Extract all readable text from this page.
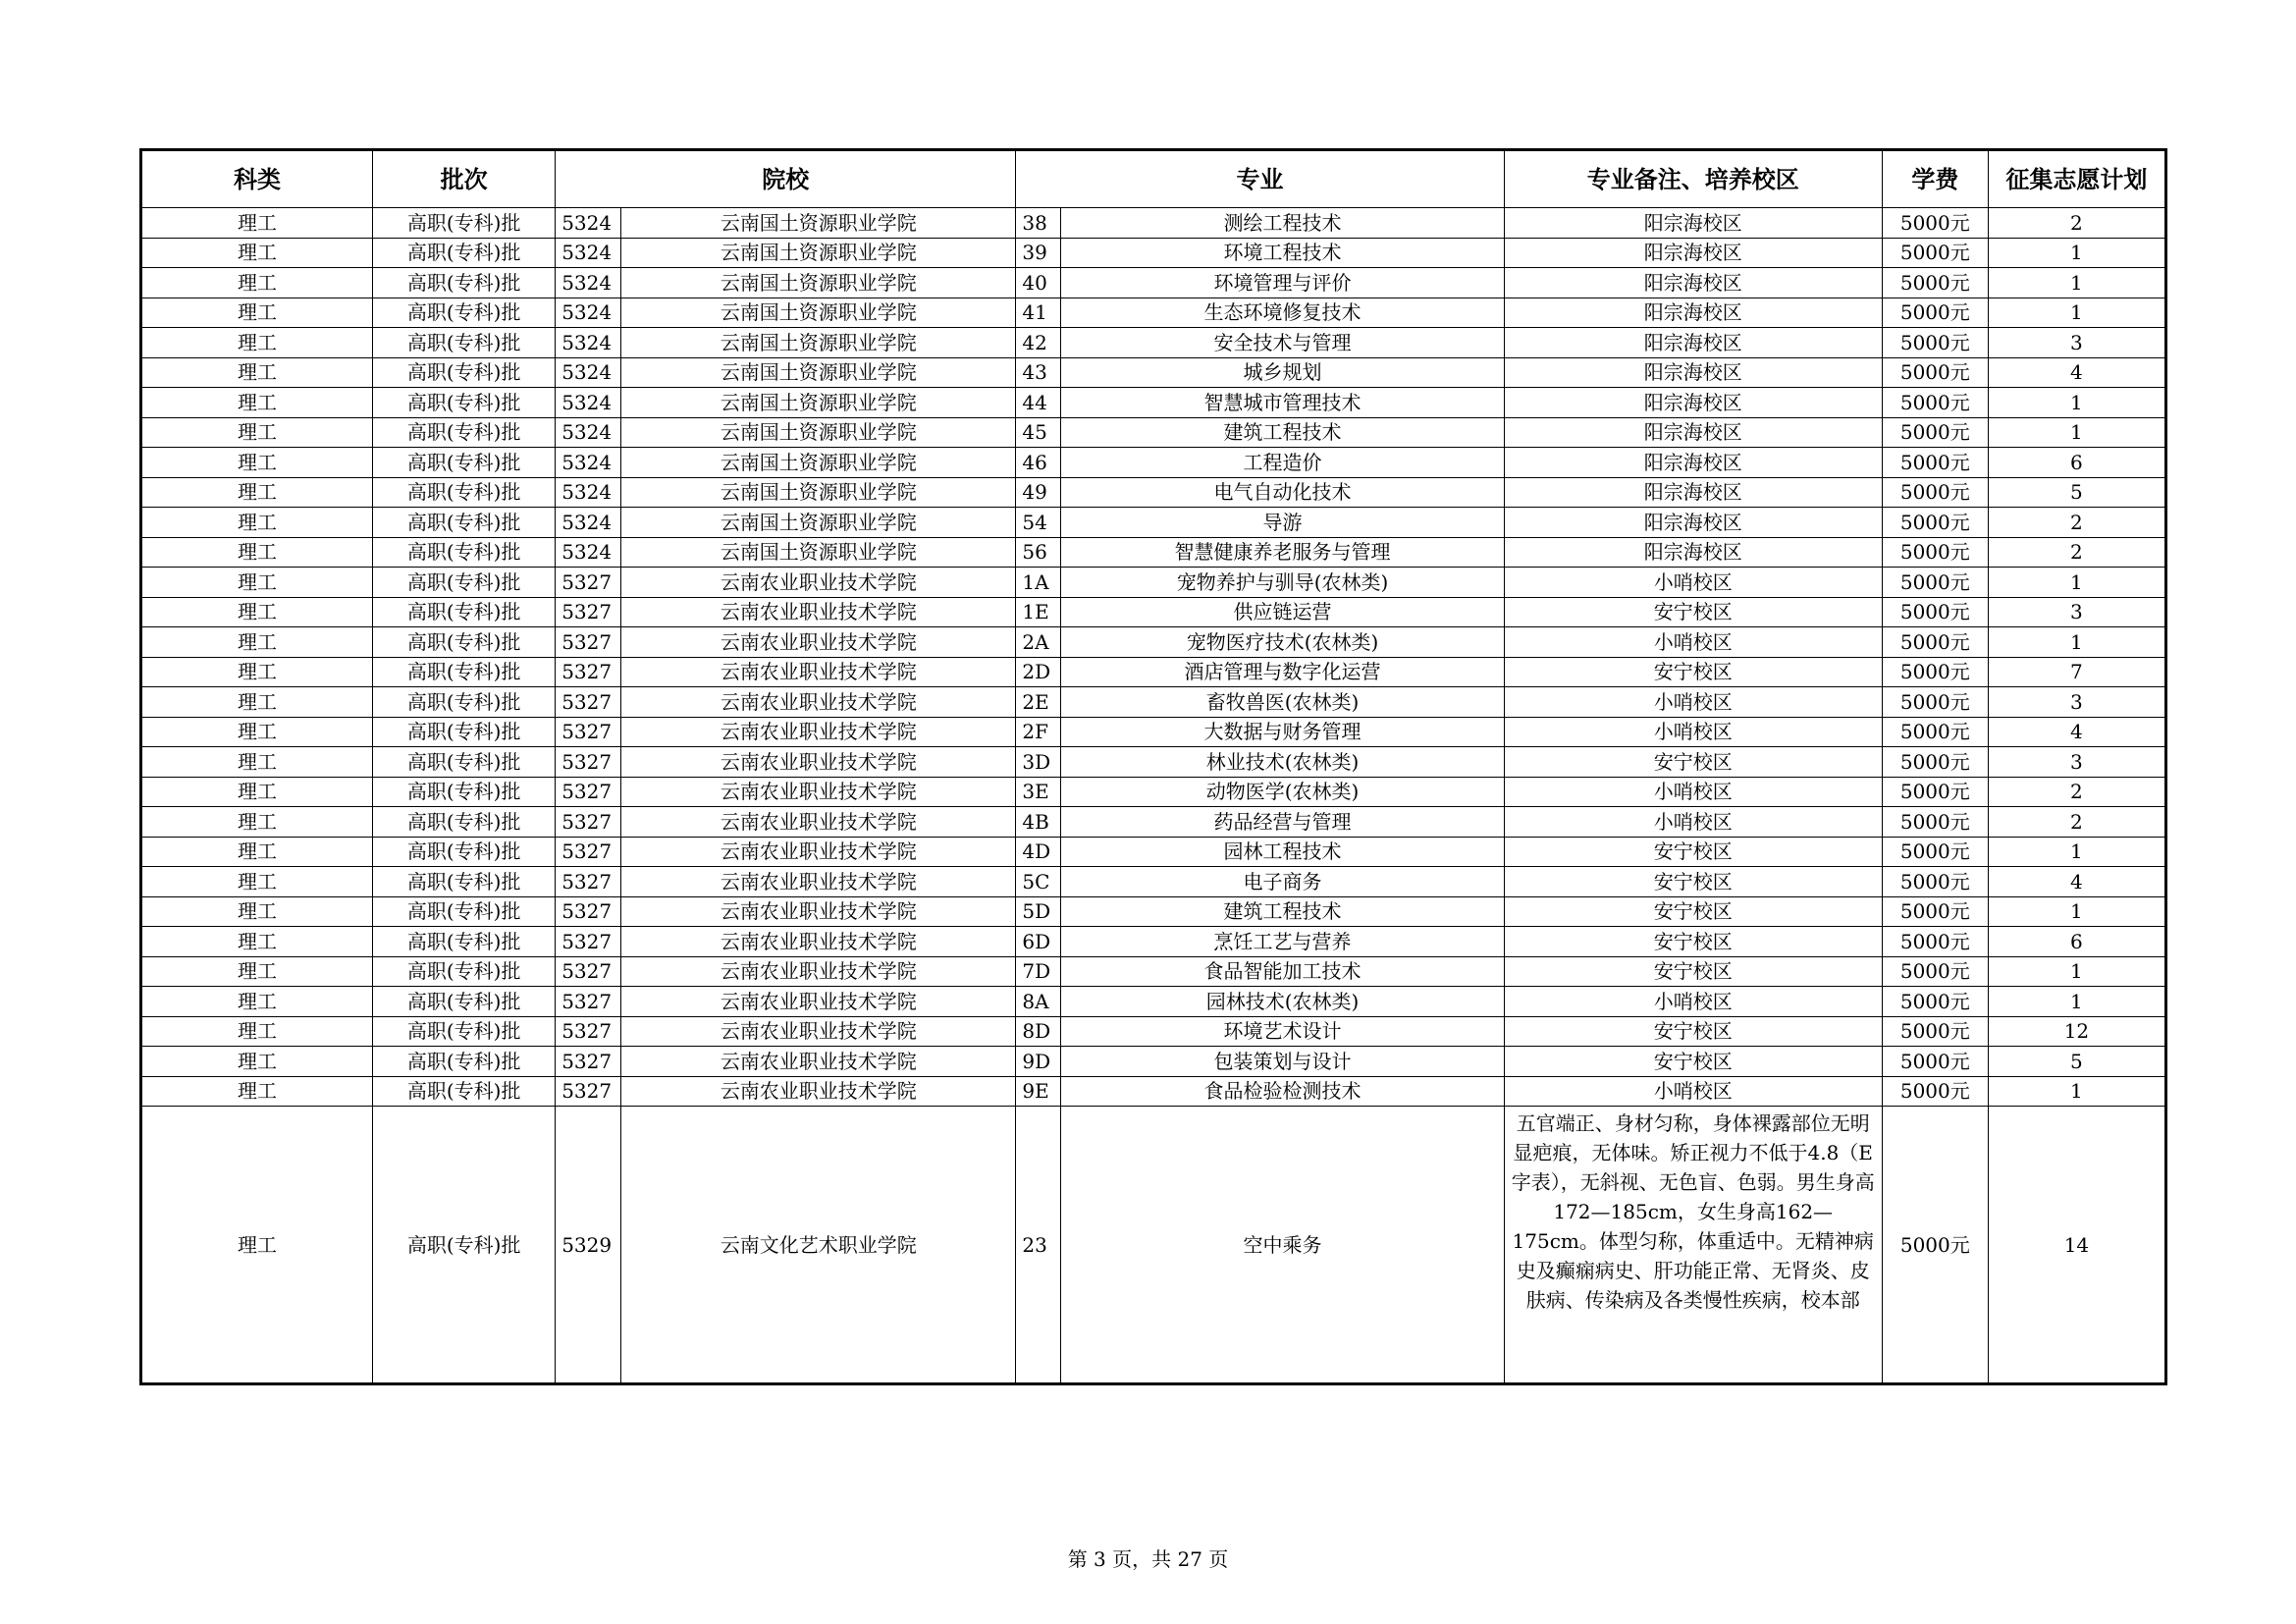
科类	批次	院校		专业		专业备注、培养校区	学费	征集志愿计划
理工	高职(专科)批	5324	云南国土资源职业学院	38	测绘工程技术	阳宗海校区	5000元	2
理工	高职(专科)批	5324	云南国土资源职业学院	39	环境工程技术	阳宗海校区	5000元	1
理工	高职(专科)批	5324	云南国土资源职业学院	40	环境管理与评价	阳宗海校区	5000元	1
理工	高职(专科)批	5324	云南国土资源职业学院	41	生态环境修复技术	阳宗海校区	5000元	1
理工	高职(专科)批	5324	云南国土资源职业学院	42	安全技术与管理	阳宗海校区	5000元	3
理工	高职(专科)批	5324	云南国土资源职业学院	43	城乡规划	阳宗海校区	5000元	4
理工	高职(专科)批	5324	云南国土资源职业学院	44	智慧城市管理技术	阳宗海校区	5000元	1
理工	高职(专科)批	5324	云南国土资源职业学院	45	建筑工程技术	阳宗海校区	5000元	1
理工	高职(专科)批	5324	云南国土资源职业学院	46	工程造价	阳宗海校区	5000元	6
理工	高职(专科)批	5324	云南国土资源职业学院	49	电气自动化技术	阳宗海校区	5000元	5
理工	高职(专科)批	5324	云南国土资源职业学院	54	导游	阳宗海校区	5000元	2
理工	高职(专科)批	5324	云南国土资源职业学院	56	智慧健康养老服务与管理	阳宗海校区	5000元	2
理工	高职(专科)批	5327	云南农业职业技术学院	1A	宠物养护与驯导(农林类)	小哨校区	5000元	1
理工	高职(专科)批	5327	云南农业职业技术学院	1E	供应链运营	安宁校区	5000元	3
理工	高职(专科)批	5327	云南农业职业技术学院	2A	宠物医疗技术(农林类)	小哨校区	5000元	1
理工	高职(专科)批	5327	云南农业职业技术学院	2D	酒店管理与数字化运营	安宁校区	5000元	7
理工	高职(专科)批	5327	云南农业职业技术学院	2E	畜牧兽医(农林类)	小哨校区	5000元	3
理工	高职(专科)批	5327	云南农业职业技术学院	2F	大数据与财务管理	小哨校区	5000元	4
理工	高职(专科)批	5327	云南农业职业技术学院	3D	林业技术(农林类)	安宁校区	5000元	3
理工	高职(专科)批	5327	云南农业职业技术学院	3E	动物医学(农林类)	小哨校区	5000元	2
理工	高职(专科)批	5327	云南农业职业技术学院	4B	药品经营与管理	小哨校区	5000元	2
理工	高职(专科)批	5327	云南农业职业技术学院	4D	园林工程技术	安宁校区	5000元	1
理工	高职(专科)批	5327	云南农业职业技术学院	5C	电子商务	安宁校区	5000元	4
理工	高职(专科)批	5327	云南农业职业技术学院	5D	建筑工程技术	安宁校区	5000元	1
理工	高职(专科)批	5327	云南农业职业技术学院	6D	烹饪工艺与营养	安宁校区	5000元	6
理工	高职(专科)批	5327	云南农业职业技术学院	7D	食品智能加工技术	安宁校区	5000元	1
理工	高职(专科)批	5327	云南农业职业技术学院	8A	园林技术(农林类)	小哨校区	5000元	1
理工	高职(专科)批	5327	云南农业职业技术学院	8D	环境艺术设计	安宁校区	5000元	12
理工	高职(专科)批	5327	云南农业职业技术学院	9D	包装策划与设计	安宁校区	5000元	5
理工	高职(专科)批	5327	云南农业职业技术学院	9E	食品检验检测技术	小哨校区	5000元	1
理工	高职(专科)批	5329	云南文化艺术职业学院	23	空中乘务	五官端正、身材匀称，身体裸露部位无明显疤痕，无体味。矫正视力不低于4.8（E字表），无斜视、无色盲、色弱。男生身高172—185cm，女生身高162—175cm。体型匀称，体重适中。无精神病史及癫痫病史、肝功能正常、无肾炎、皮肤病、传染病及各类慢性疾病，校本部	5000元	14
第 3 页，共 27 页
